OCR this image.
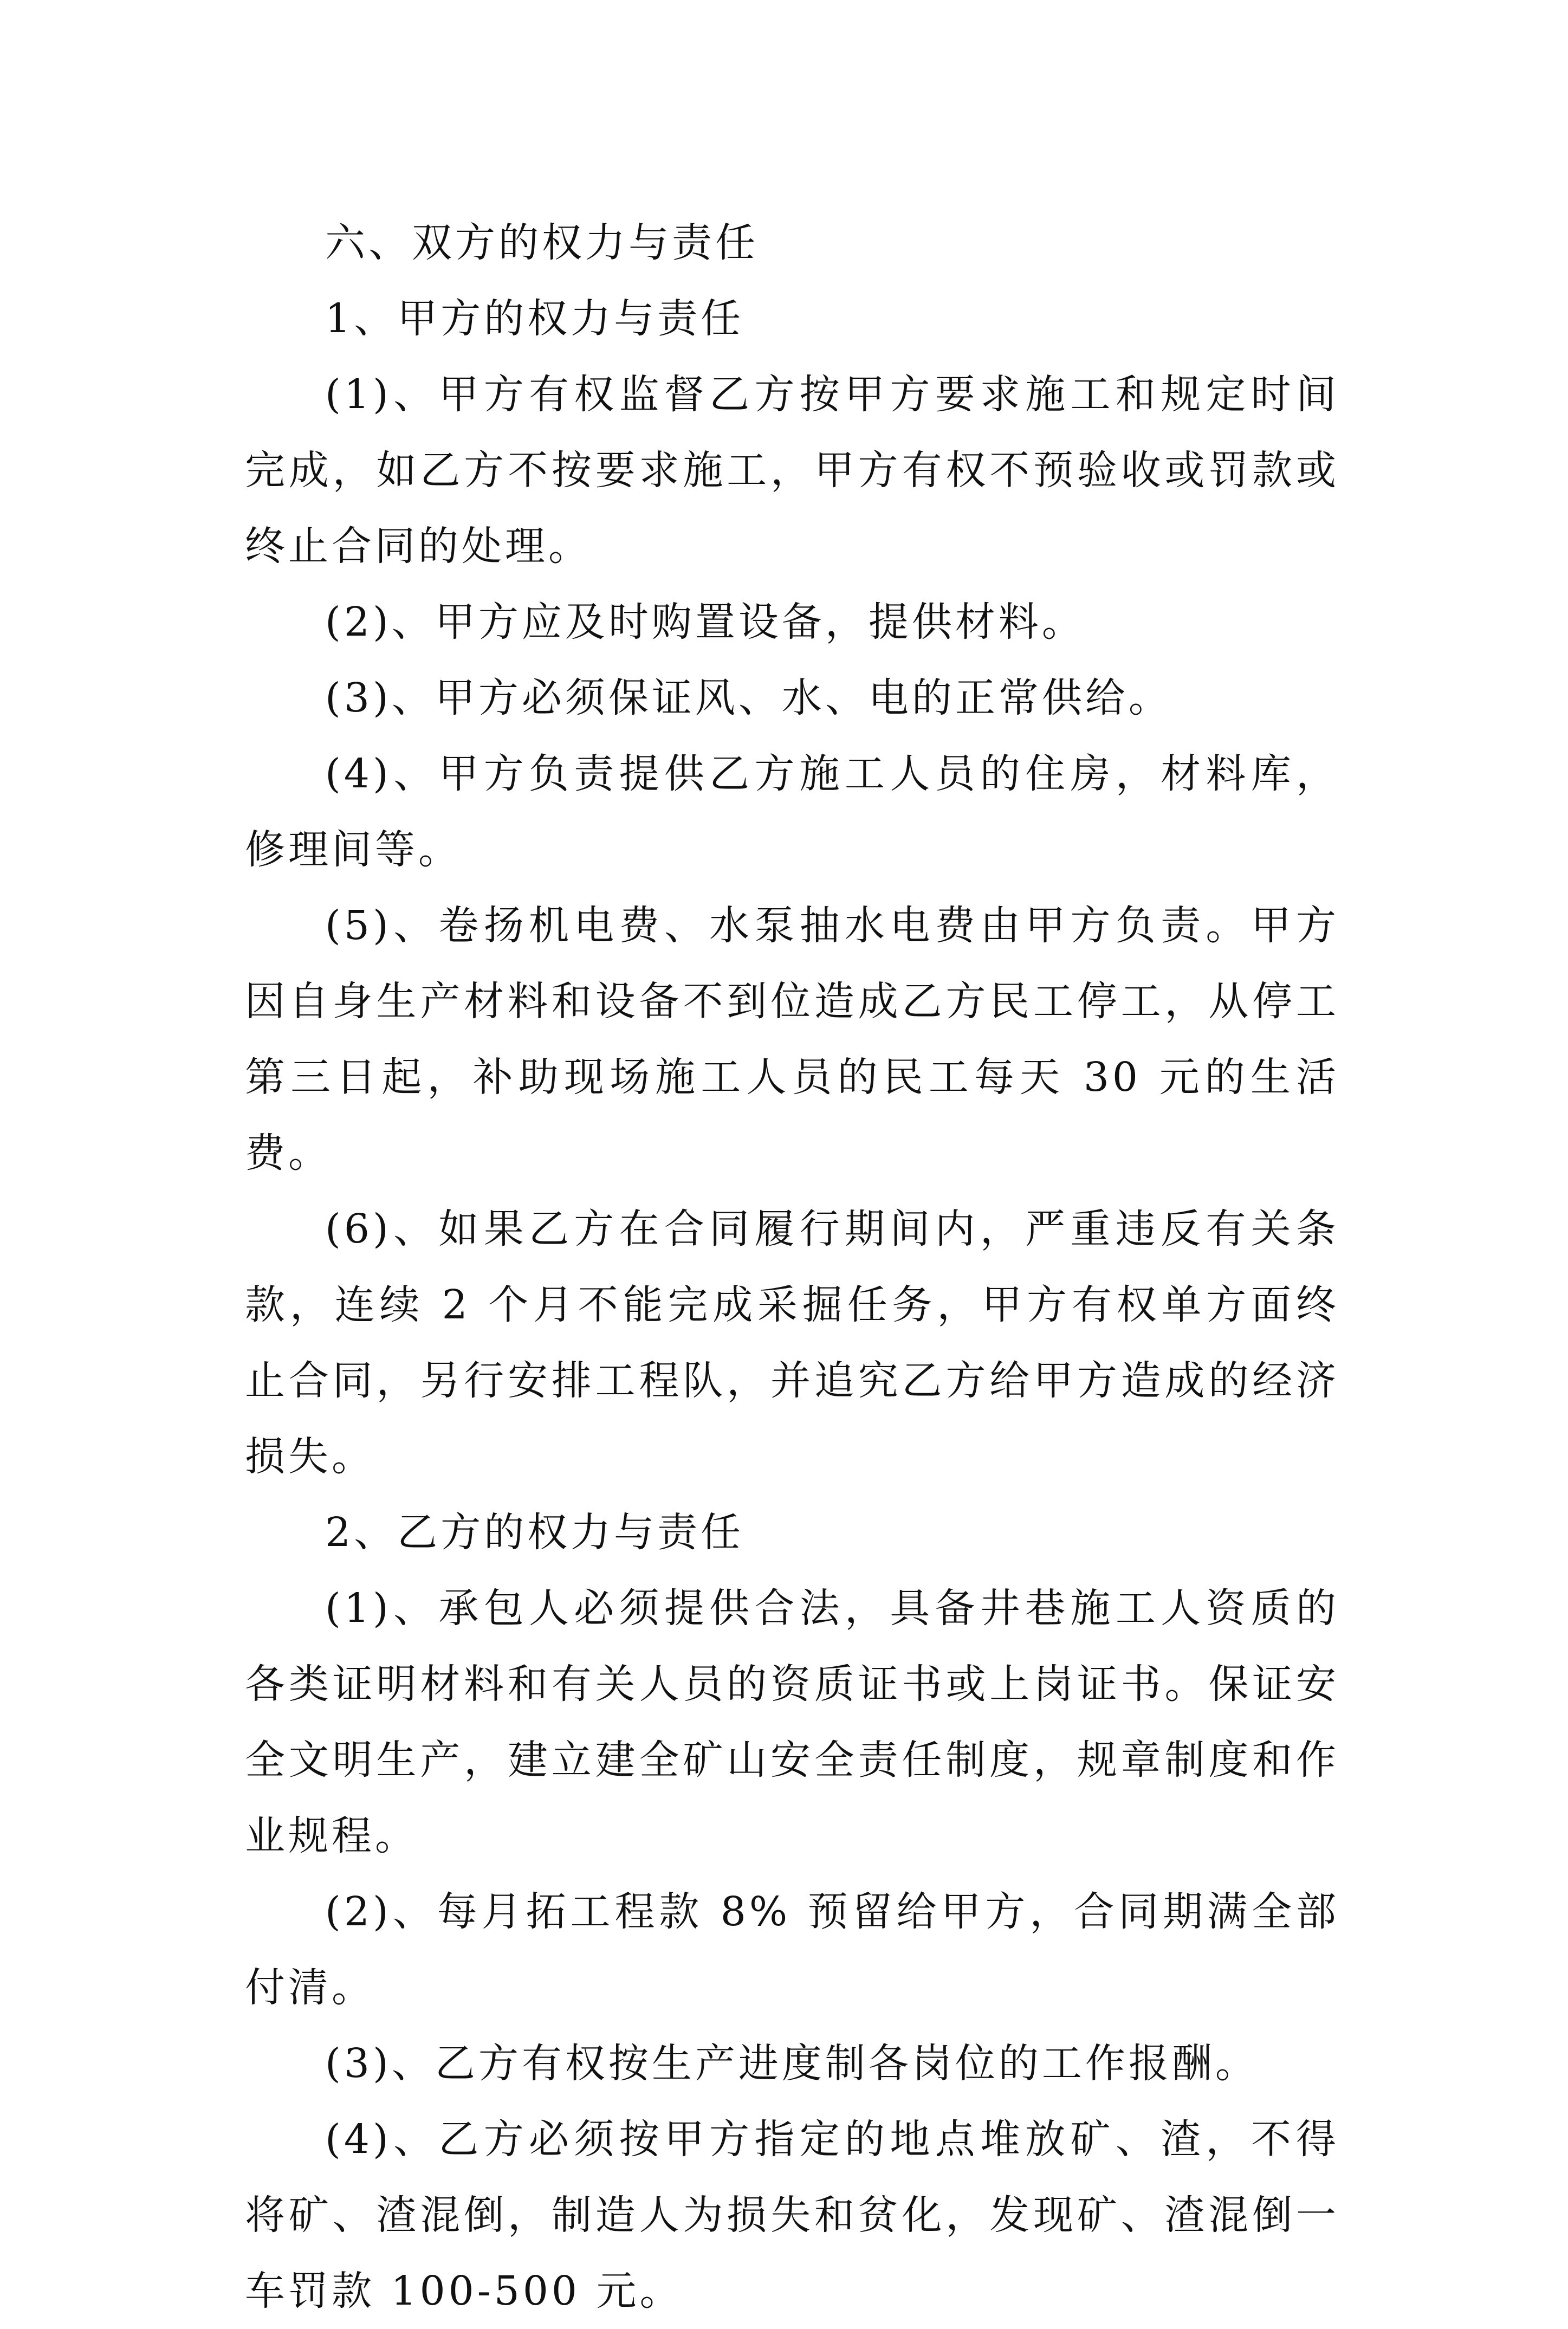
六、双方的权力与责任

1、甲方的权力与责任

(1)、甲方有权监督乙方按甲方要求施工和规定时间完成，如乙方不按要求施工，甲方有权不预验收或罚款或终止合同的处理。

(2)、甲方应及时购置设备，提供材料。

(3)、甲方必须保证风、水、电的正常供给。

(4)、甲方负责提供乙方施工人员的住房，材料库，修理间等。

(5)、卷扬机电费、水泵抽水电费由甲方负责。甲方因自身生产材料和设备不到位造成乙方民工停工，从停工第三日起，补助现场施工人员的民工每天 30 元的生活费。

(6)、如果乙方在合同履行期间内，严重违反有关条款，连续 2 个月不能完成采掘任务，甲方有权单方面终止合同，另行安排工程队，并追究乙方给甲方造成的经济损失。

2、乙方的权力与责任

(1)、承包人必须提供合法，具备井巷施工人资质的各类证明材料和有关人员的资质证书或上岗证书。保证安全文明生产，建立建全矿山安全责任制度，规章制度和作业规程。

(2)、每月拓工程款 8% 预留给甲方，合同期满全部付清。

(3)、乙方有权按生产进度制各岗位的工作报酬。

(4)、乙方必须按甲方指定的地点堆放矿、渣，不得将矿、渣混倒，制造人为损失和贫化，发现矿、渣混倒一车罚款 100-500 元。
